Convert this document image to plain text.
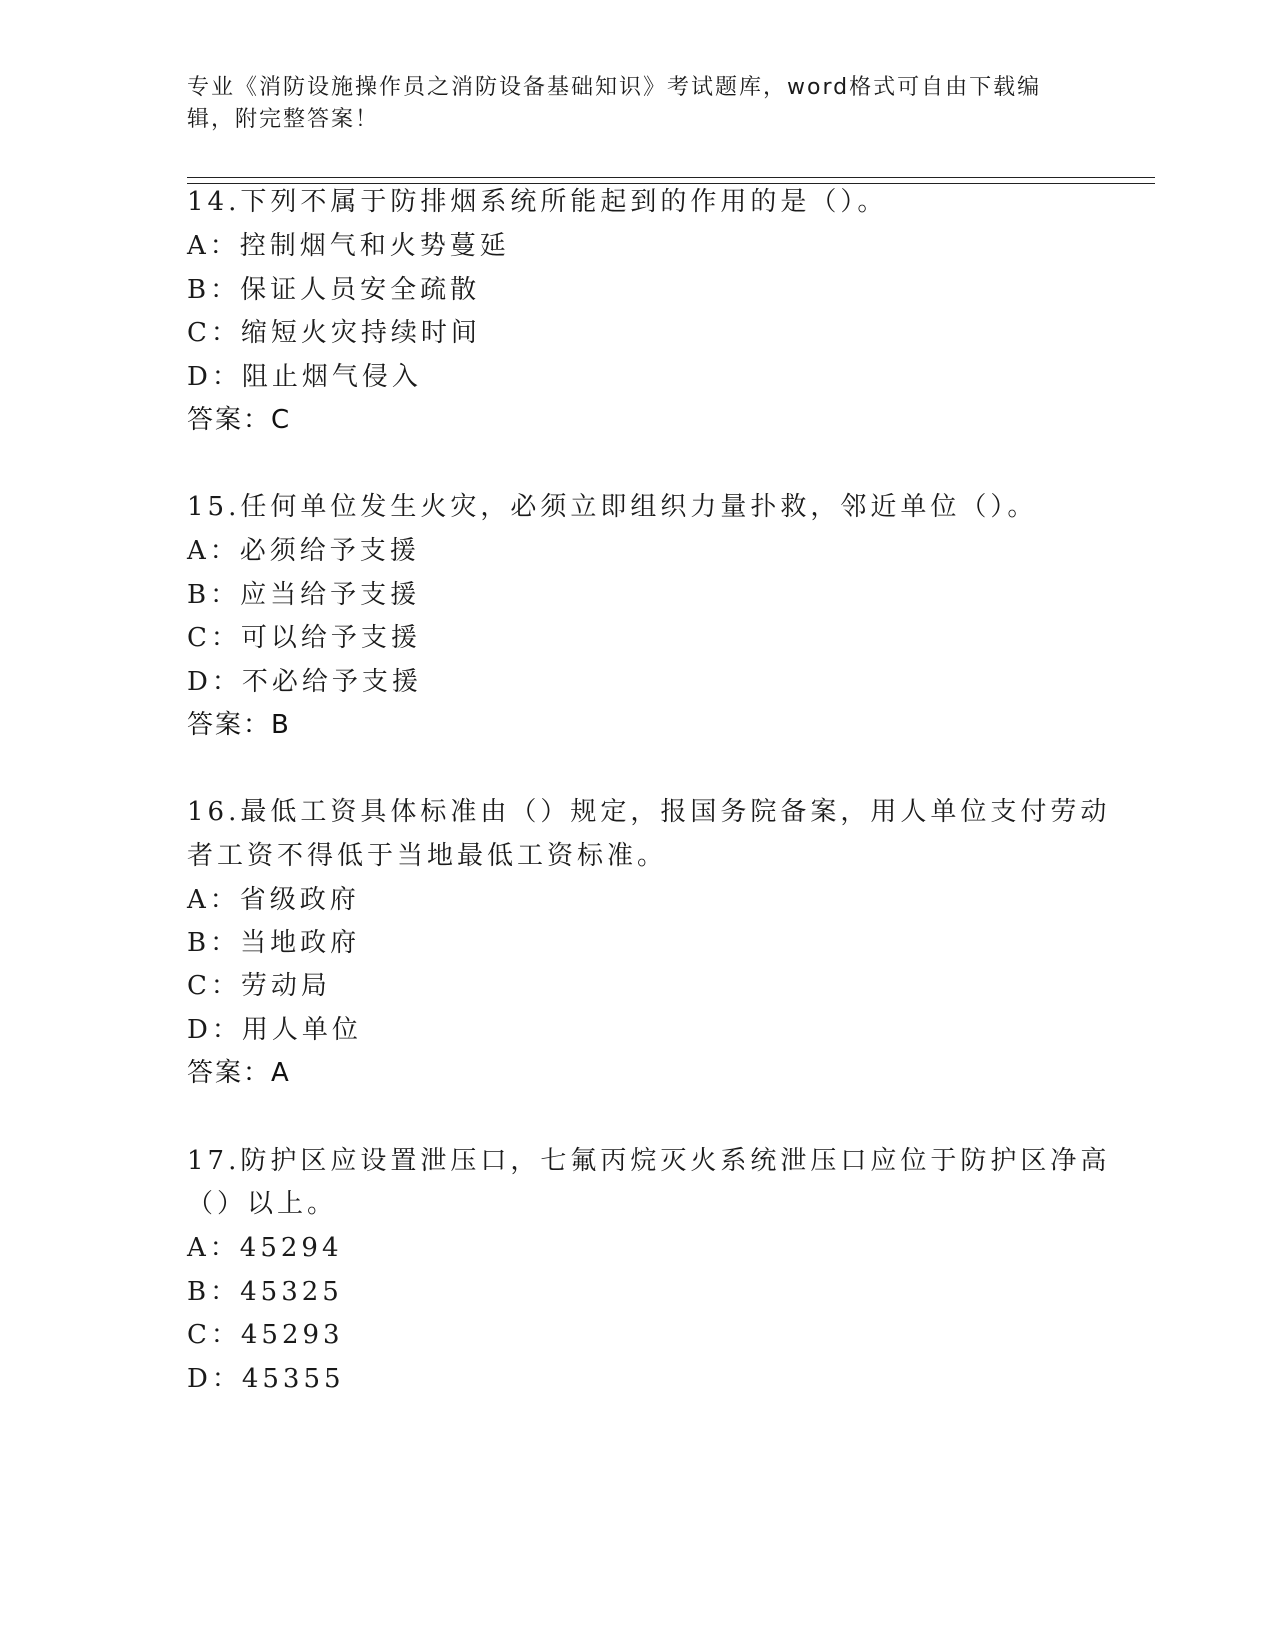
专业《消防设施操作员之消防设备基础知识》考试题库，word格式可自由下载编辑，附完整答案！
14.下列不属于防排烟系统所能起到的作用的是（）。
A：控制烟气和火势蔓延
B：保证人员安全疏散
C：缩短火灾持续时间
D：阻止烟气侵入
答案：C
15.任何单位发生火灾，必须立即组织力量扑救，邻近单位（）。
A：必须给予支援
B：应当给予支援
C：可以给予支援
D：不必给予支援
答案：B
16.最低工资具体标准由（）规定，报国务院备案，用人单位支付劳动
者工资不得低于当地最低工资标准。
A：省级政府
B：当地政府
C：劳动局
D：用人单位
答案：A
17.防护区应设置泄压口，七氟丙烷灭火系统泄压口应位于防护区净高
（）以上。
A：45294
B：45325
C：45293
D：45355
